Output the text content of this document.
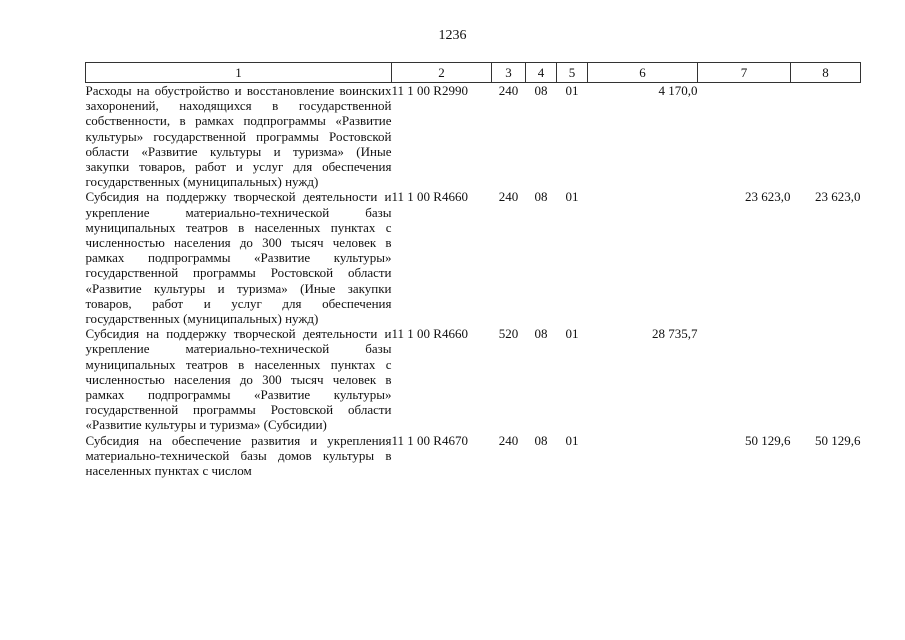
1236
1	2	3	4	5	6	7	8
Расходы на обустройство и восстановление воинских захоронений, находящихся в государственной собственности, в рамках подпрограммы «Развитие культуры» государственной программы Ростовской области «Развитие культуры и туризма» (Иные закупки товаров, работ и услуг для обеспечения государственных (муниципальных) нужд)	11 1 00 R2990	240	08	01	4 170,0		
Субсидия на поддержку творческой деятельности и укрепление материально-технической базы муниципальных театров в населенных пунктах с численностью населения до 300 тысяч человек в рамках подпрограммы «Развитие культуры» государственной программы Ростовской области «Развитие культуры и туризма» (Иные закупки товаров, работ и услуг для обеспечения государственных (муниципальных) нужд)	11 1 00 R4660	240	08	01		23 623,0	23 623,0
Субсидия на поддержку творческой деятельности и укрепление материально-технической базы муниципальных театров в населенных пунктах с численностью населения до 300 тысяч человек в рамках подпрограммы «Развитие культуры» государственной программы Ростовской области «Развитие культуры и туризма» (Субсидии)	11 1 00 R4660	520	08	01	28 735,7		
Субсидия на обеспечение развития и укрепления материально-технической базы домов культуры в населенных пунктах с числом	11 1 00 R4670	240	08	01		50 129,6	50 129,6
